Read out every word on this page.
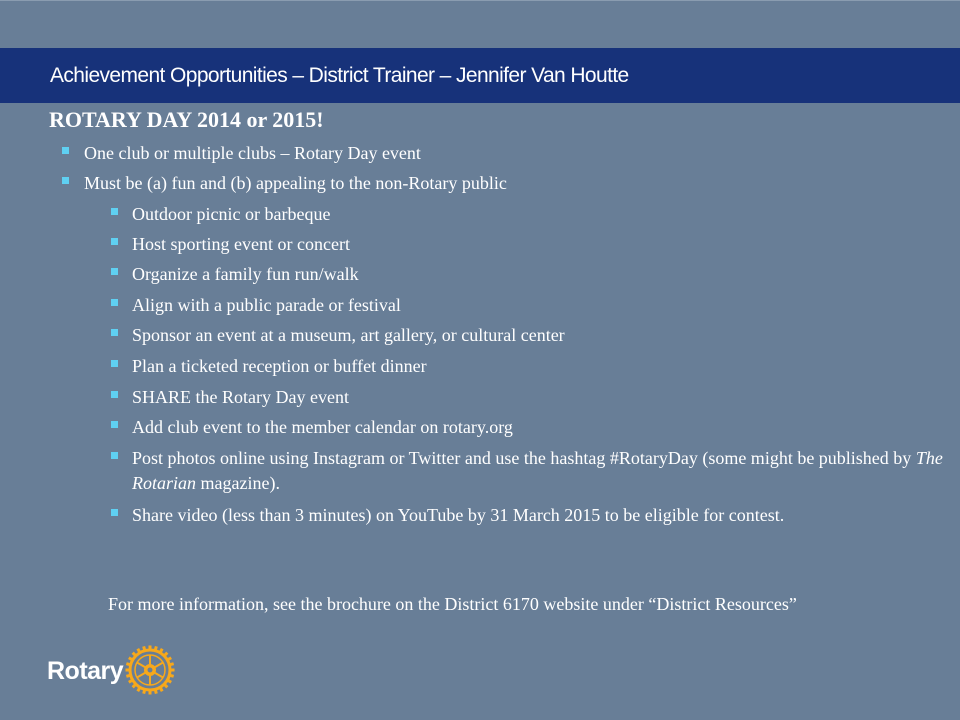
Achievement Opportunities – District Trainer – Jennifer Van Houtte
ROTARY DAY 2014 or 2015!
One club or multiple clubs – Rotary Day event
Must be (a) fun and (b) appealing to the non-Rotary public
Outdoor picnic or barbeque
Host sporting event or concert
Organize a family fun run/walk
Align with a public parade or festival
Sponsor an event at a museum, art gallery, or cultural center
Plan a ticketed reception or buffet dinner
SHARE the Rotary Day event
Add club event to the member calendar on rotary.org
Post photos online using Instagram or Twitter and use the hashtag #RotaryDay (some might be published by The Rotarian magazine).
Share video (less than 3 minutes) on YouTube by 31 March 2015 to be eligible for contest.
For more information, see the brochure on the District 6170 website under “District Resources”
Rotary
